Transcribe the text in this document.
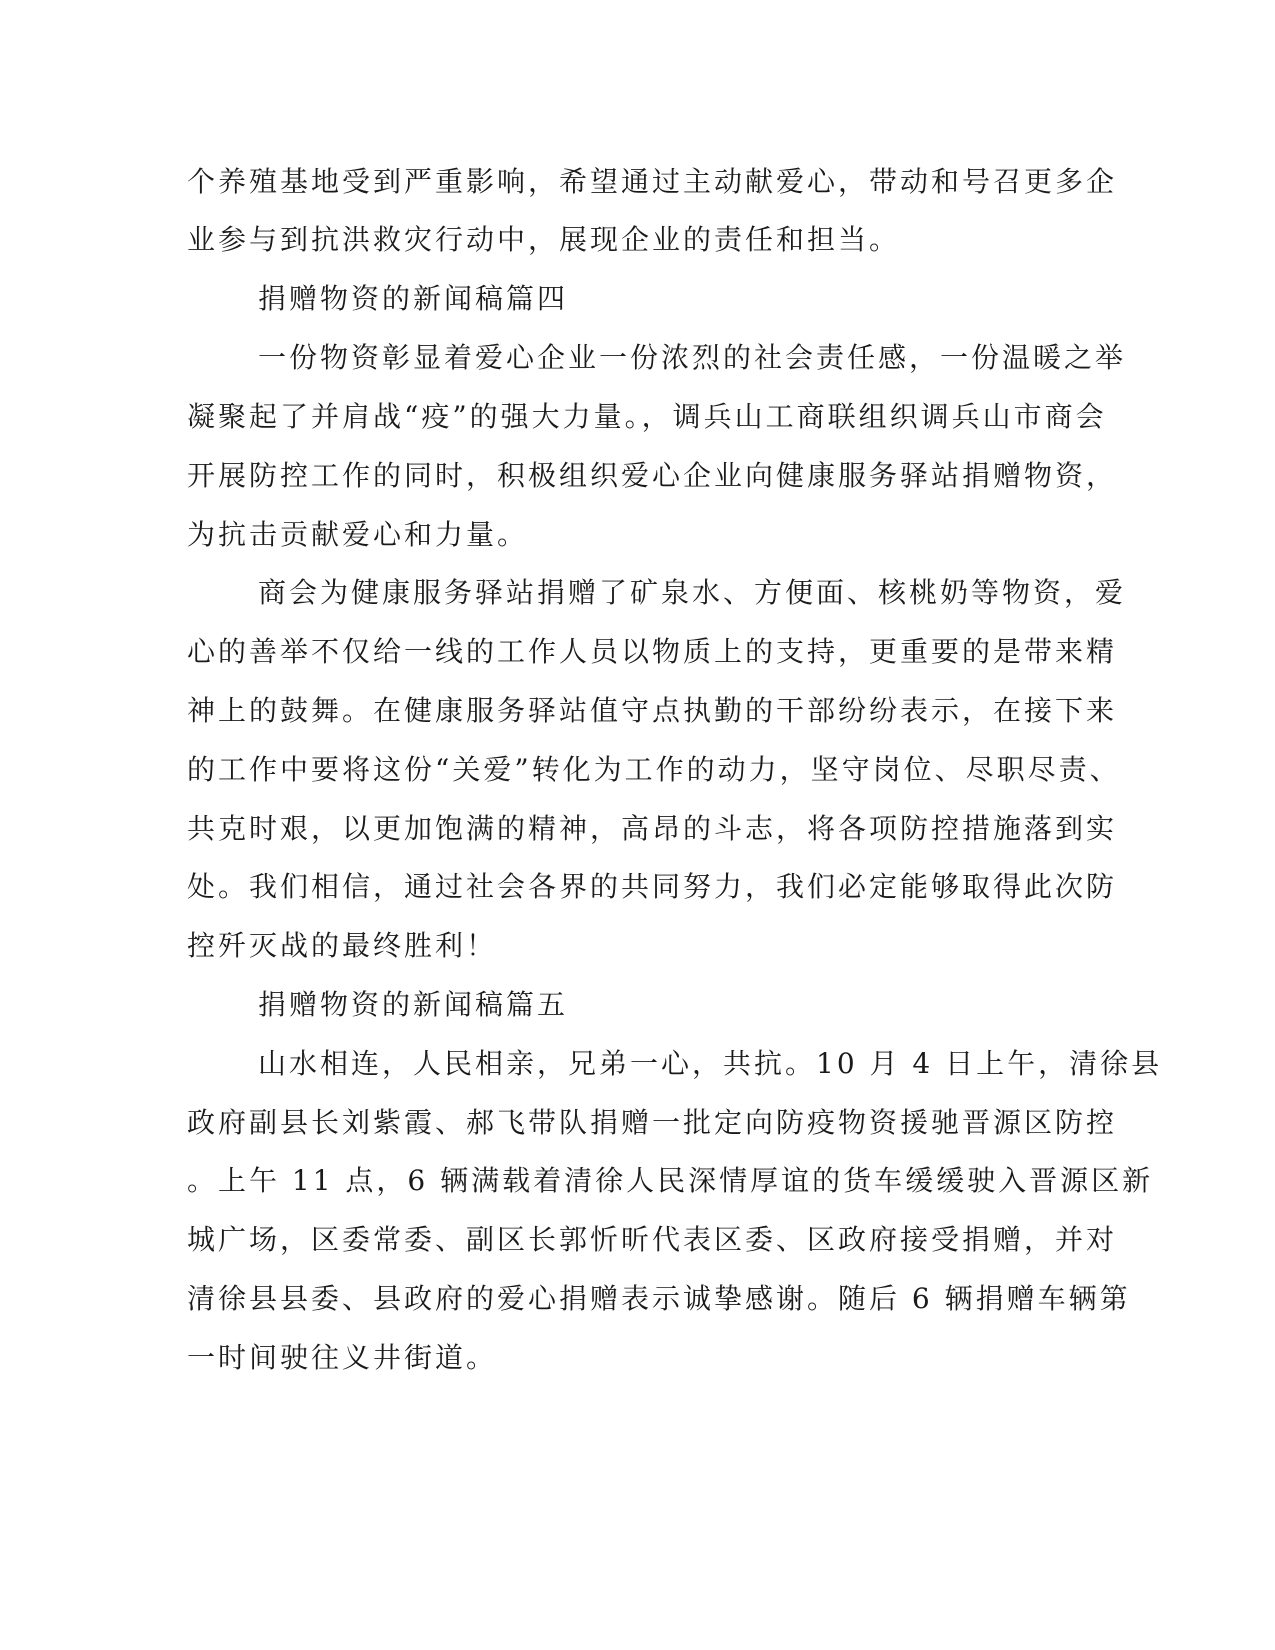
个养殖基地受到严重影响，希望通过主动献爱心，带动和号召更多企
业参与到抗洪救灾行动中，展现企业的责任和担当。
捐赠物资的新闻稿篇四
一份物资彰显着爱心企业一份浓烈的社会责任感，一份温暖之举
凝聚起了并肩战“疫”的强大力量。，调兵山工商联组织调兵山市商会
开展防控工作的同时，积极组织爱心企业向健康服务驿站捐赠物资，
为抗击贡献爱心和力量。
商会为健康服务驿站捐赠了矿泉水、方便面、核桃奶等物资，爱
心的善举不仅给一线的工作人员以物质上的支持，更重要的是带来精
神上的鼓舞。在健康服务驿站值守点执勤的干部纷纷表示，在接下来
的工作中要将这份“关爱”转化为工作的动力，坚守岗位、尽职尽责、
共克时艰，以更加饱满的精神，高昂的斗志，将各项防控措施落到实
处。我们相信，通过社会各界的共同努力，我们必定能够取得此次防
控歼灭战的最终胜利！
捐赠物资的新闻稿篇五
山水相连，人民相亲，兄弟一心，共抗。10 月 4 日上午，清徐县
政府副县长刘紫霞、郝飞带队捐赠一批定向防疫物资援驰晋源区防控
。上午 11 点，6 辆满载着清徐人民深情厚谊的货车缓缓驶入晋源区新
城广场，区委常委、副区长郭忻昕代表区委、区政府接受捐赠，并对
清徐县县委、县政府的爱心捐赠表示诚挚感谢。随后 6 辆捐赠车辆第
一时间驶往义井街道。
